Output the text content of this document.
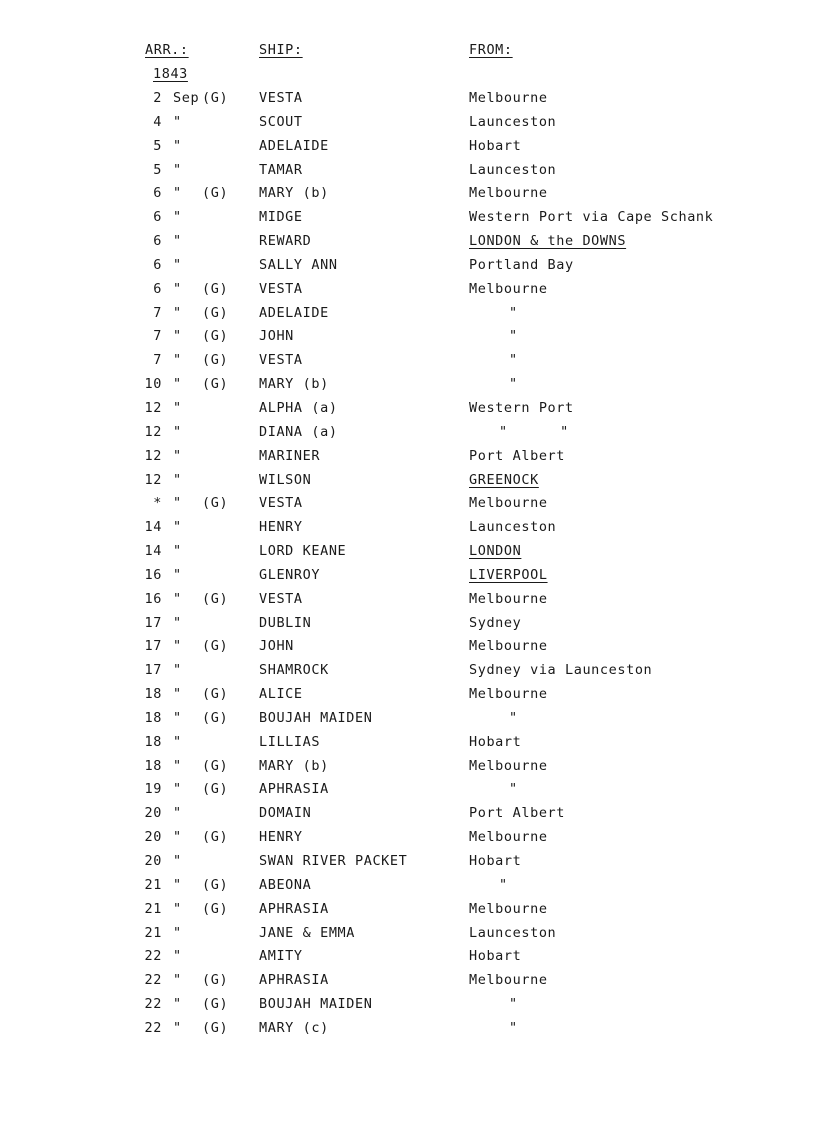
ARR.:	SHIP:	FROM:
1843
2 Sep (G) VESTA	Melbourne
4 "	SCOUT	Launceston
5 "	ADELAIDE	Hobart
5 "	TAMAR	Launceston
6 " (G) MARY (b)	Melbourne
6 "	MIDGE	Western Port via Cape Schank
6 "	REWARD	LONDON & the DOWNS
6 "	SALLY ANN	Portland Bay
6 " (G) VESTA	Melbourne
7 " (G) ADELAIDE	"
7 " (G) JOHN	"
7 " (G) VESTA	"
10 " (G) MARY (b)	"
12 "	ALPHA (a)	Western Port
12 "	DIANA (a)	"      "
12 "	MARINER	Port Albert
12 "	WILSON	GREENOCK
* " (G) VESTA	Melbourne
14 "	HENRY	Launceston
14 "	LORD KEANE	LONDON
16 "	GLENROY	LIVERPOOL
16 " (G) VESTA	Melbourne
17 "	DUBLIN	Sydney
17 " (G) JOHN	Melbourne
17 "	SHAMROCK	Sydney via Launceston
18 " (G) ALICE	Melbourne
18 " (G) BOUJAH MAIDEN	"
18 "	LILLIAS	Hobart
18 " (G) MARY (b)	Melbourne
19 " (G) APHRASIA	"
20 "	DOMAIN	Port Albert
20 " (G) HENRY	Melbourne
20 "	SWAN RIVER PACKET	Hobart
21 " (G) ABEONA	"
21 " (G) APHRASIA	Melbourne
21 "	JANE & EMMA	Launceston
22 "	AMITY	Hobart
22 " (G) APHRASIA	Melbourne
22 " (G) BOUJAH MAIDEN	"
22 " (G) MARY (c)	"
